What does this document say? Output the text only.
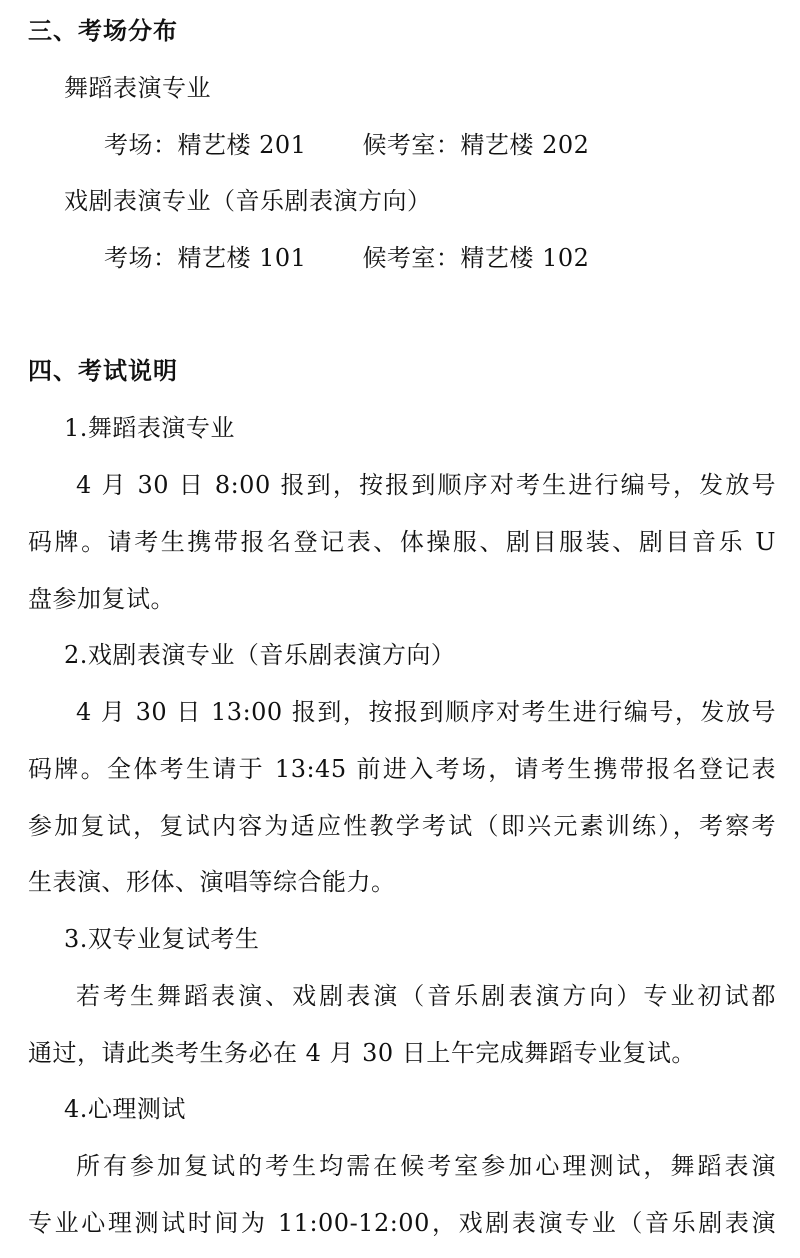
三、考场分布
舞蹈表演专业
考场：精艺楼 201 候考室：精艺楼 202
戏剧表演专业（音乐剧表演方向）
考场：精艺楼 101 候考室：精艺楼 102
四、考试说明
1.舞蹈表演专业
4 月 30 日 8:00 报到，按报到顺序对考生进行编号，发放号
码牌。请考生携带报名登记表、体操服、剧目服装、剧目音乐 U
盘参加复试。
2.戏剧表演专业（音乐剧表演方向）
4 月 30 日 13:00 报到，按报到顺序对考生进行编号，发放号
码牌。全体考生请于 13:45 前进入考场，请考生携带报名登记表
参加复试，复试内容为适应性教学考试（即兴元素训练），考察考
生表演、形体、演唱等综合能力。
3.双专业复试考生
若考生舞蹈表演、戏剧表演（音乐剧表演方向）专业初试都
通过，请此类考生务必在 4 月 30 日上午完成舞蹈专业复试。
4.心理测试
所有参加复试的考生均需在候考室参加心理测试，舞蹈表演
专业心理测试时间为 11:00-12:00，戏剧表演专业（音乐剧表演
